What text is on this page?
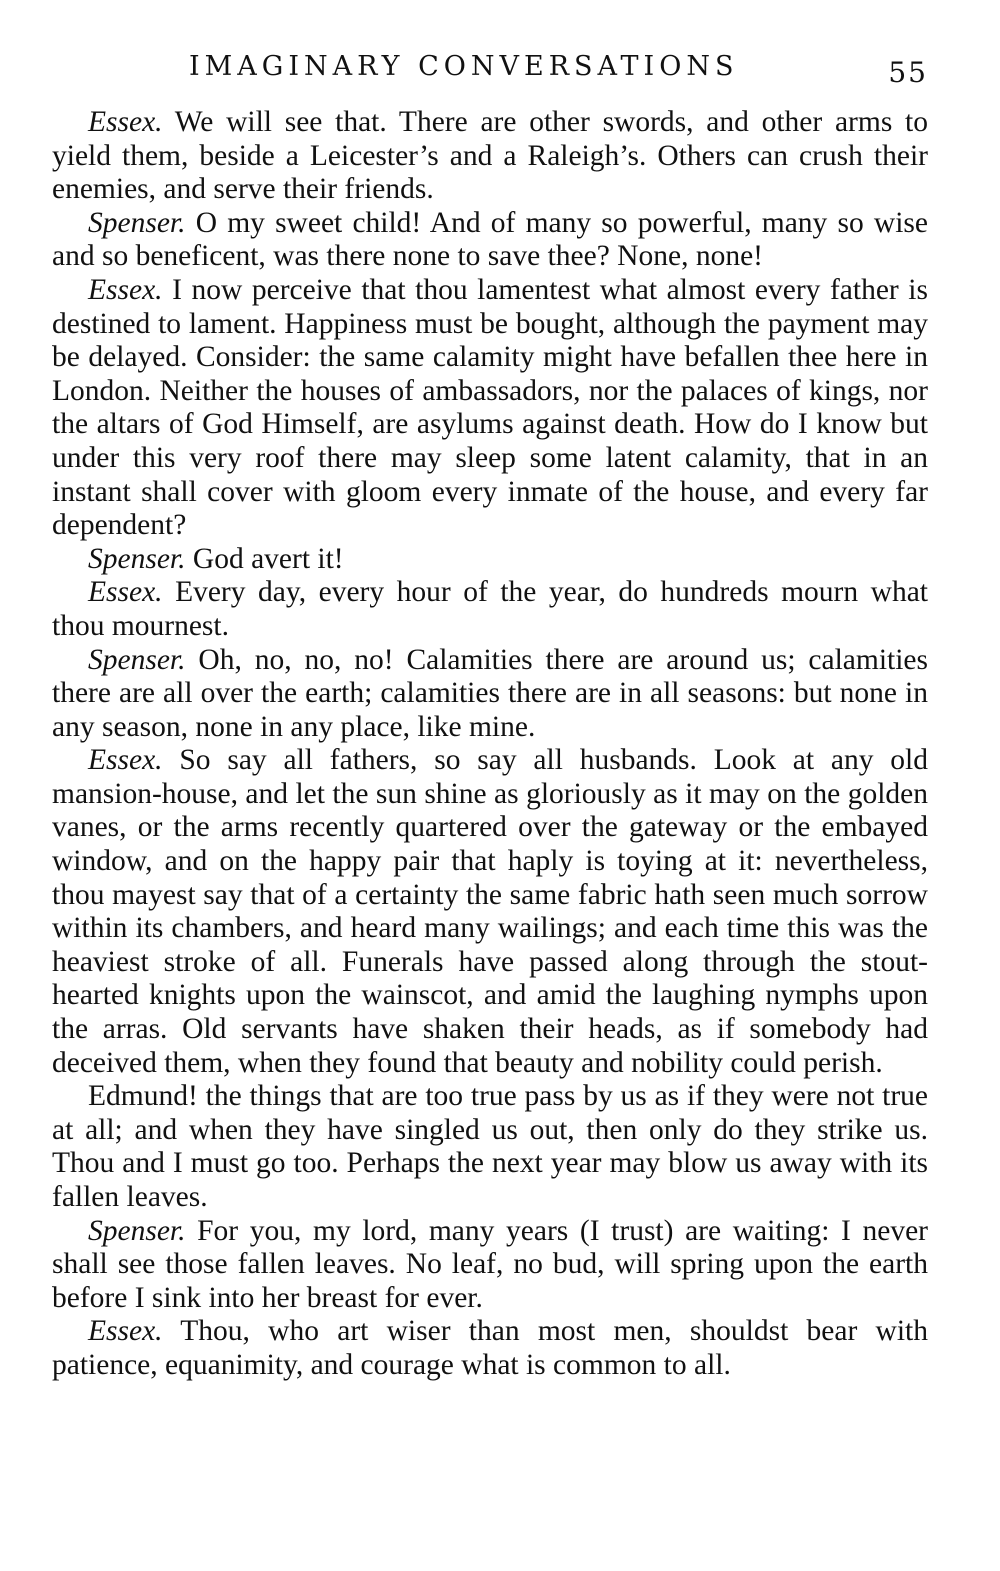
IMAGINARY CONVERSATIONS	55

Essex. We will see that. There are other swords, and other arms to yield them, beside a Leicester’s and a Raleigh’s. Others can crush their enemies, and serve their friends.

Spenser. O my sweet child! And of many so powerful, many so wise and so beneficent, was there none to save thee? None, none!

Essex. I now perceive that thou lamentest what almost every father is destined to lament. Happiness must be bought, although the payment may be delayed. Consider: the same calamity might have befallen thee here in London. Neither the houses of ambassadors, nor the palaces of kings, nor the altars of God Himself, are asylums against death. How do I know but under this very roof there may sleep some latent calamity, that in an instant shall cover with gloom every inmate of the house, and every far dependent?

Spenser. God avert it!

Essex. Every day, every hour of the year, do hundreds mourn what thou mournest.

Spenser. Oh, no, no, no! Calamities there are around us; calamities there are all over the earth; calamities there are in all seasons: but none in any season, none in any place, like mine.

Essex. So say all fathers, so say all husbands. Look at any old mansion-house, and let the sun shine as gloriously as it may on the golden vanes, or the arms recently quartered over the gateway or the embayed window, and on the happy pair that haply is toying at it: nevertheless, thou mayest say that of a certainty the same fabric hath seen much sorrow within its chambers, and heard many wailings; and each time this was the heaviest stroke of all. Funerals have passed along through the stout-hearted knights upon the wainscot, and amid the laughing nymphs upon the arras. Old servants have shaken their heads, as if somebody had deceived them, when they found that beauty and nobility could perish.

Edmund! the things that are too true pass by us as if they were not true at all; and when they have singled us out, then only do they strike us. Thou and I must go too. Perhaps the next year may blow us away with its fallen leaves.

Spenser. For you, my lord, many years (I trust) are waiting: I never shall see those fallen leaves. No leaf, no bud, will spring upon the earth before I sink into her breast for ever.

Essex. Thou, who art wiser than most men, shouldst bear with patience, equanimity, and courage what is common to all.
